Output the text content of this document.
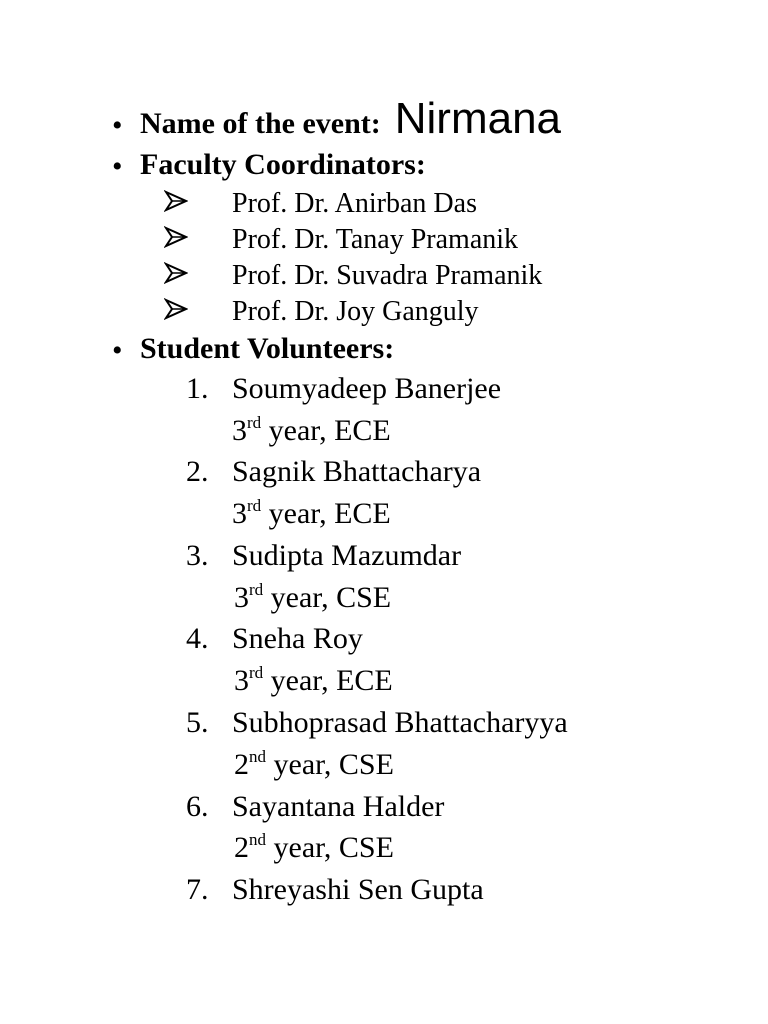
• Name of the event: Nirmana
• Faculty Coordinators:
Prof. Dr. Anirban Das
Prof. Dr. Tanay Pramanik
Prof. Dr. Suvadra Pramanik
Prof. Dr. Joy Ganguly
• Student Volunteers:
1. Soumyadeep Banerjee
3rd year, ECE
2. Sagnik Bhattacharya
3rd year, ECE
3. Sudipta Mazumdar
3rd year, CSE
4. Sneha Roy
3rd year, ECE
5. Subhoprasad Bhattacharyya
2nd year, CSE
6. Sayantana Halder
2nd year, CSE
7. Shreyashi Sen Gupta
